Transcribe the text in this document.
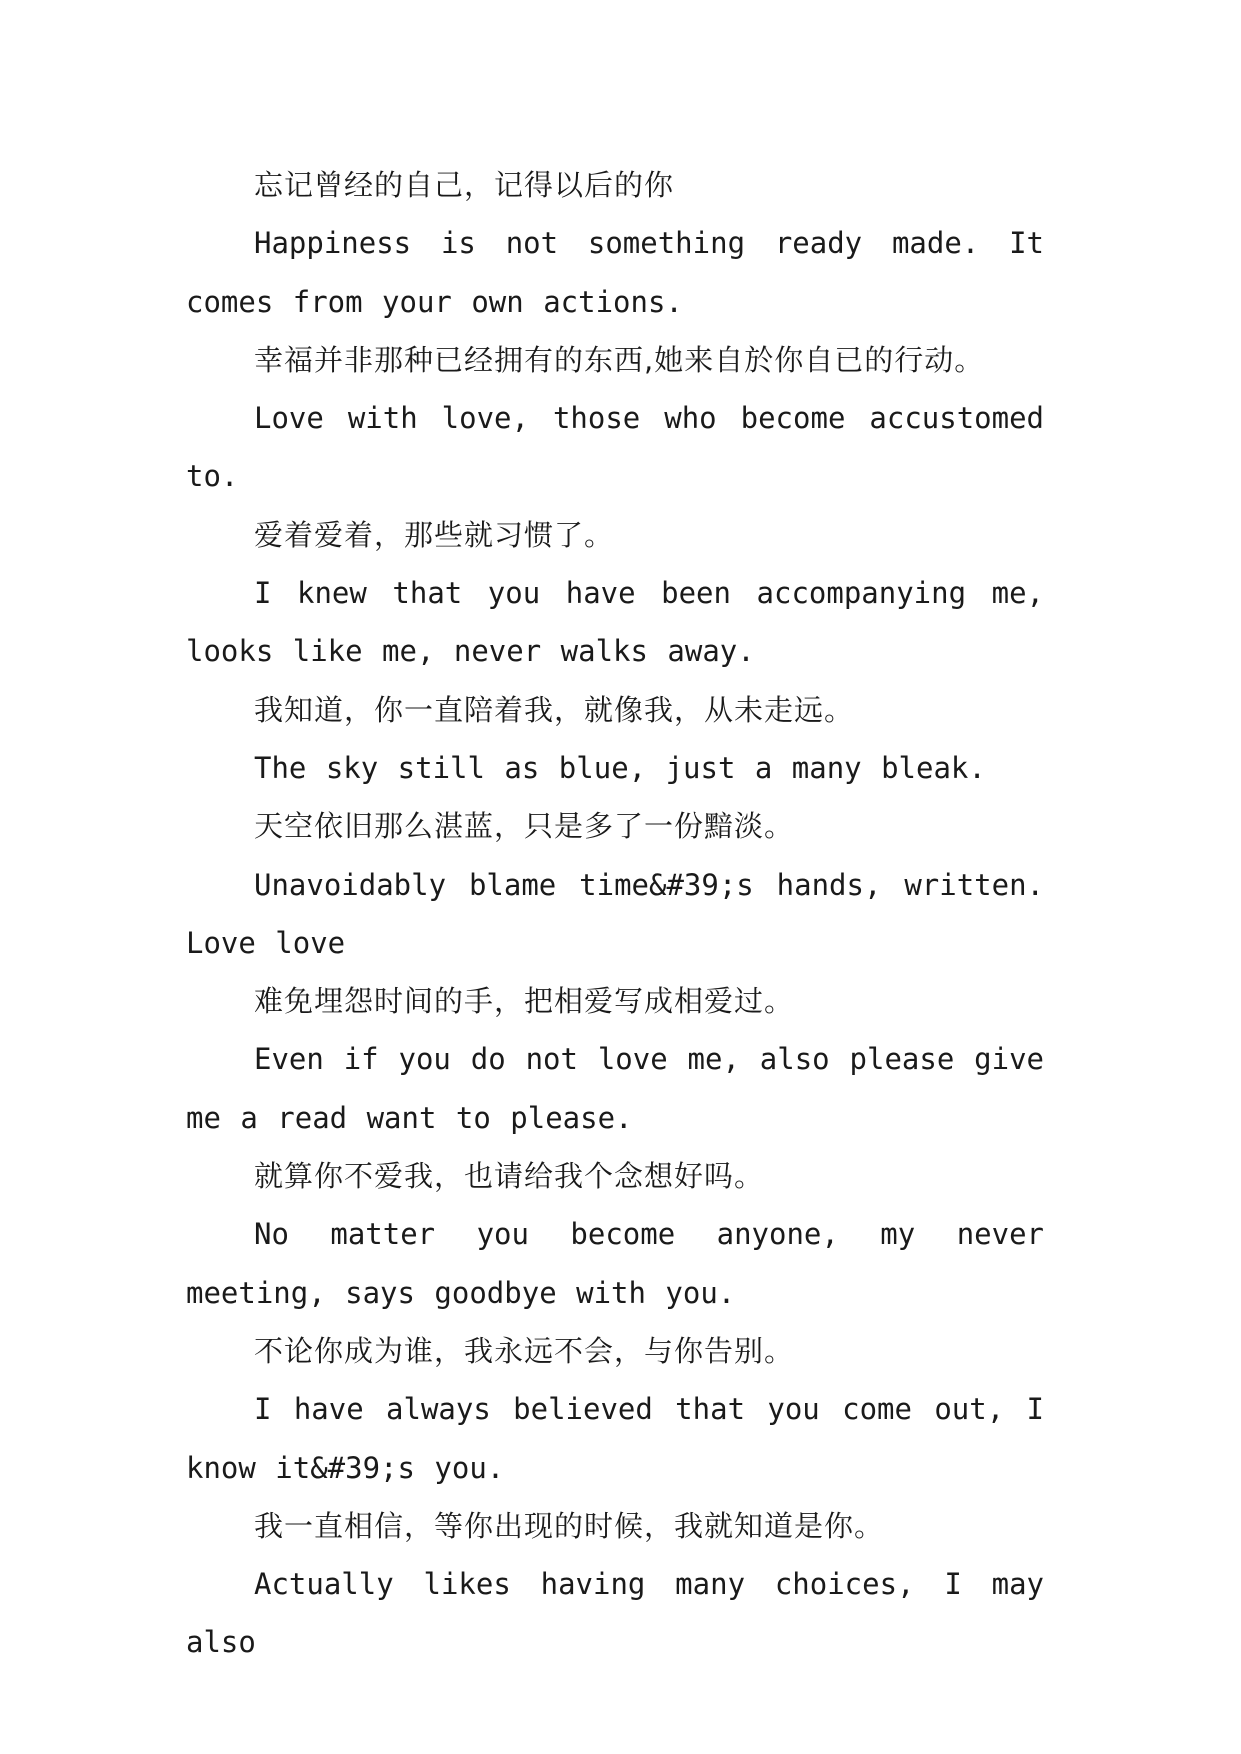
忘记曾经的自己，记得以后的你

Happiness is not something ready made. It comes from your own actions.

幸福并非那种已经拥有的东西,她来自於你自已的行动。

Love with love, those who become accustomed to.

爱着爱着，那些就习惯了。

I knew that you have been accompanying me, looks like me, never walks away.

我知道，你一直陪着我，就像我，从未走远。

The sky still as blue, just a many bleak.

天空依旧那么湛蓝，只是多了一份黯淡。

Unavoidably blame time&#39;s hands, written. Love love

难免埋怨时间的手，把相爱写成相爱过。

Even if you do not love me, also please give me a read want to please.

就算你不爱我，也请给我个念想好吗。

No matter you become anyone, my never meeting, says goodbye with you.

不论你成为谁，我永远不会，与你告别。

I have always believed that you come out, I know it&#39;s you.

我一直相信，等你出现的时候，我就知道是你。

Actually likes having many choices, I may also
